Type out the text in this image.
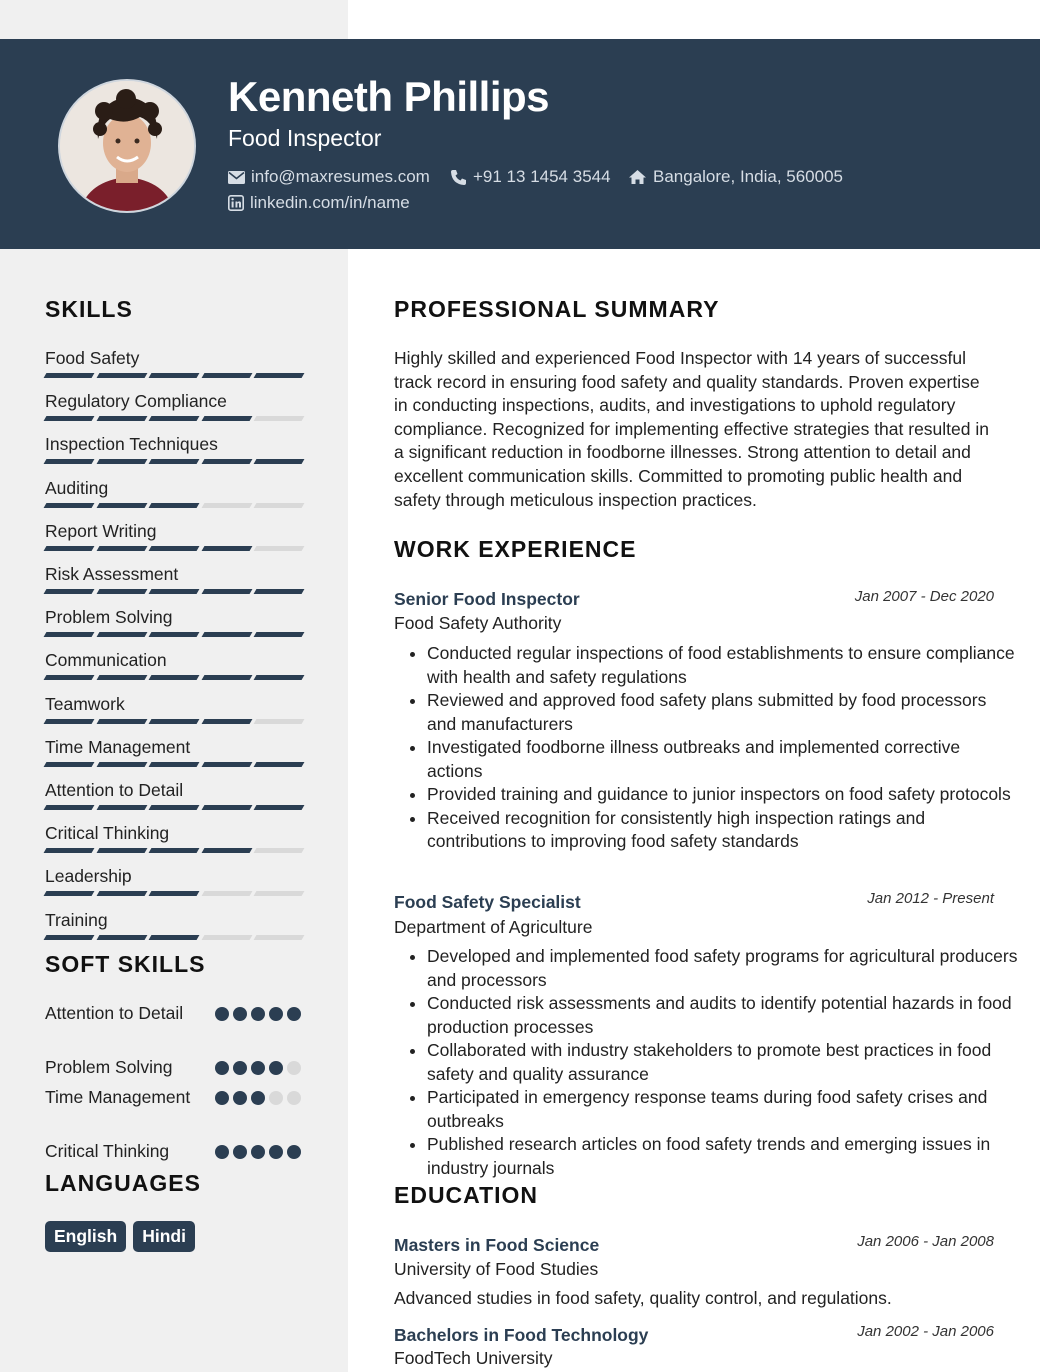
Kenneth Phillips
Food Inspector
info@maxresumes.com	+91 13 1454 3544 Bangalore, India, 560005
linkedin.com/in/name
SKILLS
Food Safety
Regulatory Compliance
Inspection Techniques
Auditing
Report Writing
Risk Assessment
Problem Solving
Communication
Teamwork
Time Management
Attention to Detail
Critical Thinking
Leadership
Training
SOFT SKILLS
Attention to Detail
Problem Solving
Time Management
Critical Thinking
LANGUAGES
English	Hindi
PROFESSIONAL SUMMARY
Highly skilled and experienced Food Inspector with 14 years of successful track record in ensuring food safety and quality standards. Proven expertise in conducting inspections, audits, and investigations to uphold regulatory compliance. Recognized for implementing effective strategies that resulted in a significant reduction in foodborne illnesses. Strong attention to detail and excellent communication skills. Committed to promoting public health and safety through meticulous inspection practices.
WORK EXPERIENCE
Senior Food Inspector	Jan 2007 - Dec 2020
Food Safety Authority
• Conducted regular inspections of food establishments to ensure compliance with health and safety regulations
• Reviewed and approved food safety plans submitted by food processors and manufacturers
• Investigated foodborne illness outbreaks and implemented corrective actions
• Provided training and guidance to junior inspectors on food safety protocols
• Received recognition for consistently high inspection ratings and contributions to improving food safety standards
Food Safety Specialist	Jan 2012 - Present
Department of Agriculture
• Developed and implemented food safety programs for agricultural producers and processors
• Conducted risk assessments and audits to identify potential hazards in food production processes
• Collaborated with industry stakeholders to promote best practices in food safety and quality assurance
• Participated in emergency response teams during food safety crises and outbreaks
• Published research articles on food safety trends and emerging issues in industry journals
EDUCATION
Masters in Food Science	Jan 2006 - Jan 2008
University of Food Studies
Advanced studies in food safety, quality control, and regulations.
Bachelors in Food Technology	Jan 2002 - Jan 2006
FoodTech University
